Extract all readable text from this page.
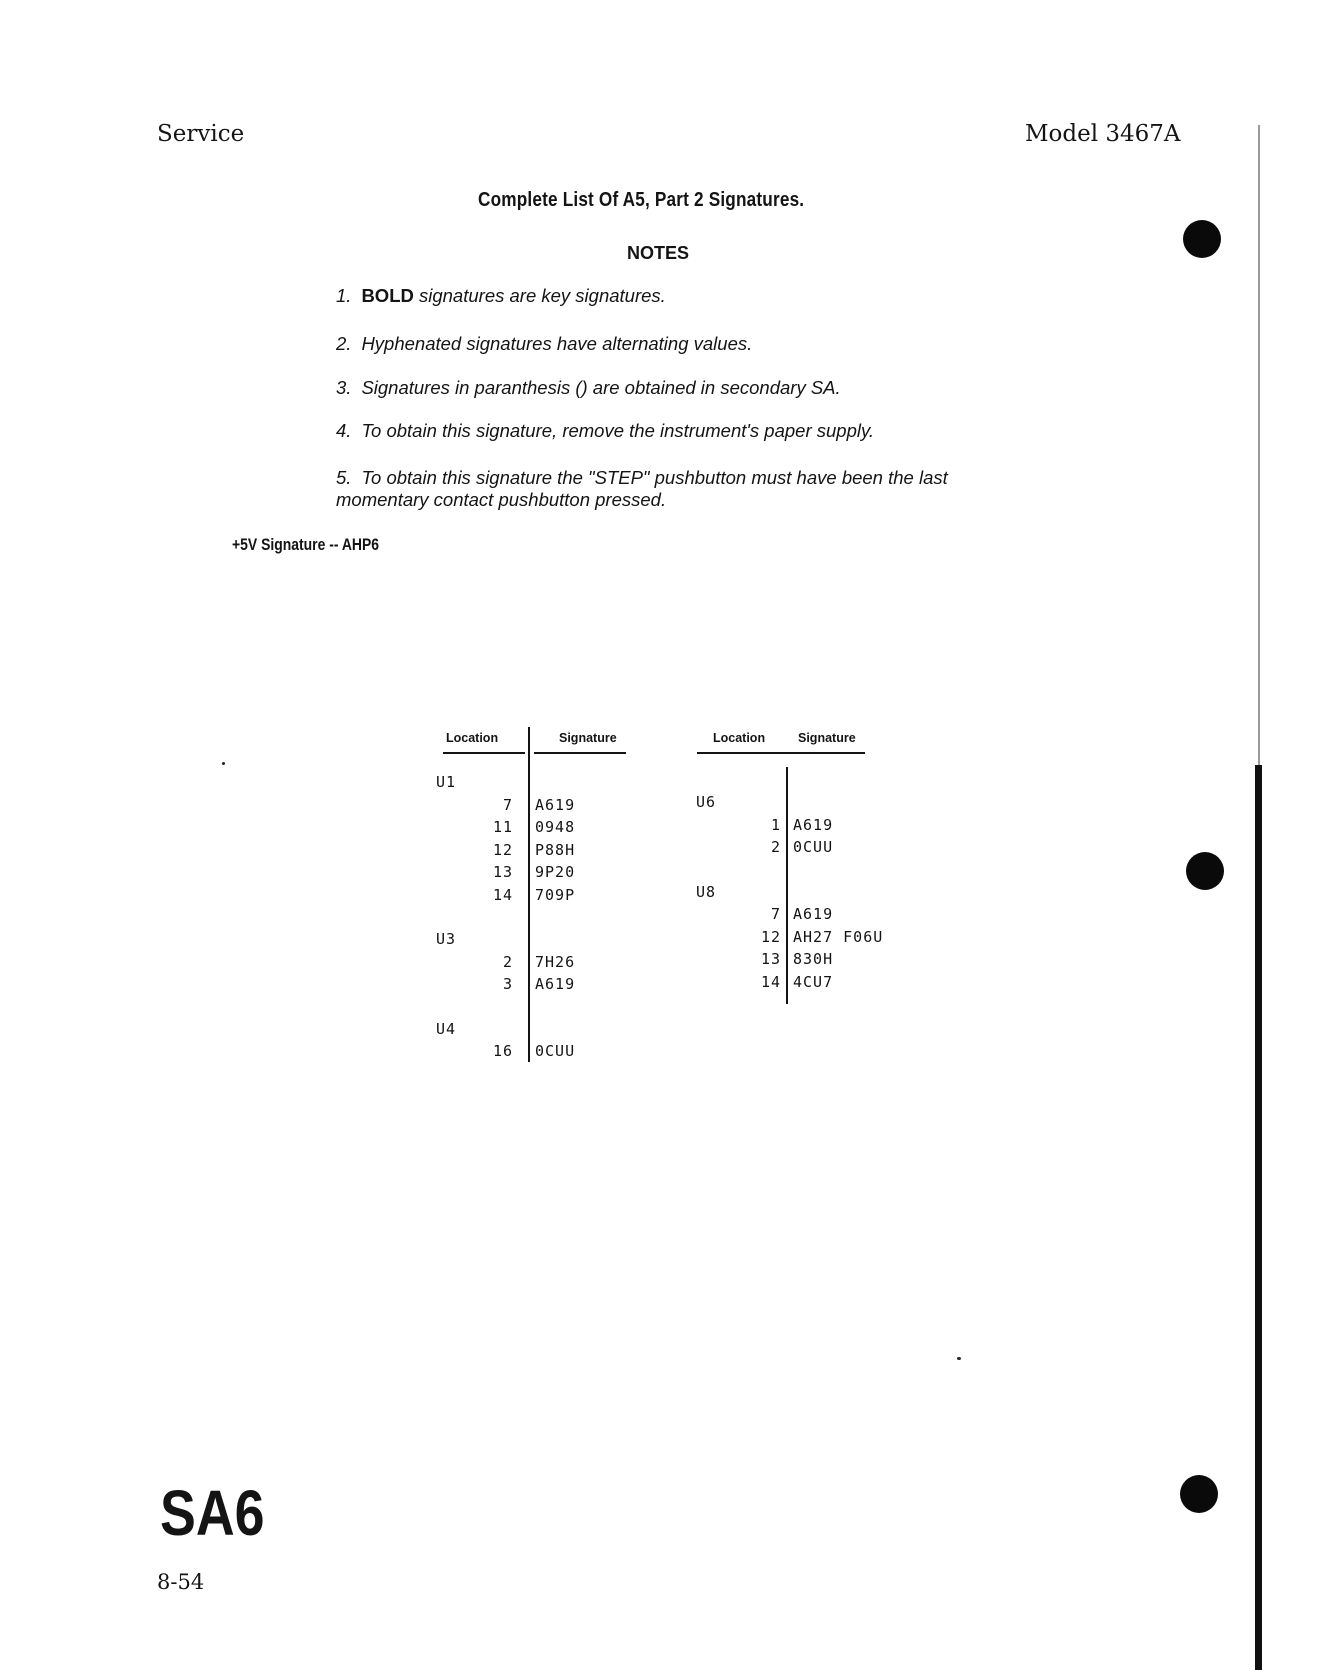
Service	Model 3467A
Complete List Of A5, Part 2 Signatures.
NOTES
1. BOLD signatures are key signatures.
2. Hyphenated signatures have alternating values.
3. Signatures in paranthesis () are obtained in secondary SA.
4. To obtain this signature, remove the instrument's paper supply.
5. To obtain this signature the "STEP" pushbutton must have been the last momentary contact pushbutton pressed.
+5V Signature -- AHP6
Location	Signature
U1
7 A619
11 0948
12 P88H
13 9P20
14 709P
U3
2 7H26
3 A619
U4
16 0CUU
Location	Signature
U6
1 A619
2 0CUU
U8
7 A619
12 AH27 F06U
13 830H
14 4CU7
SA6
8-54
